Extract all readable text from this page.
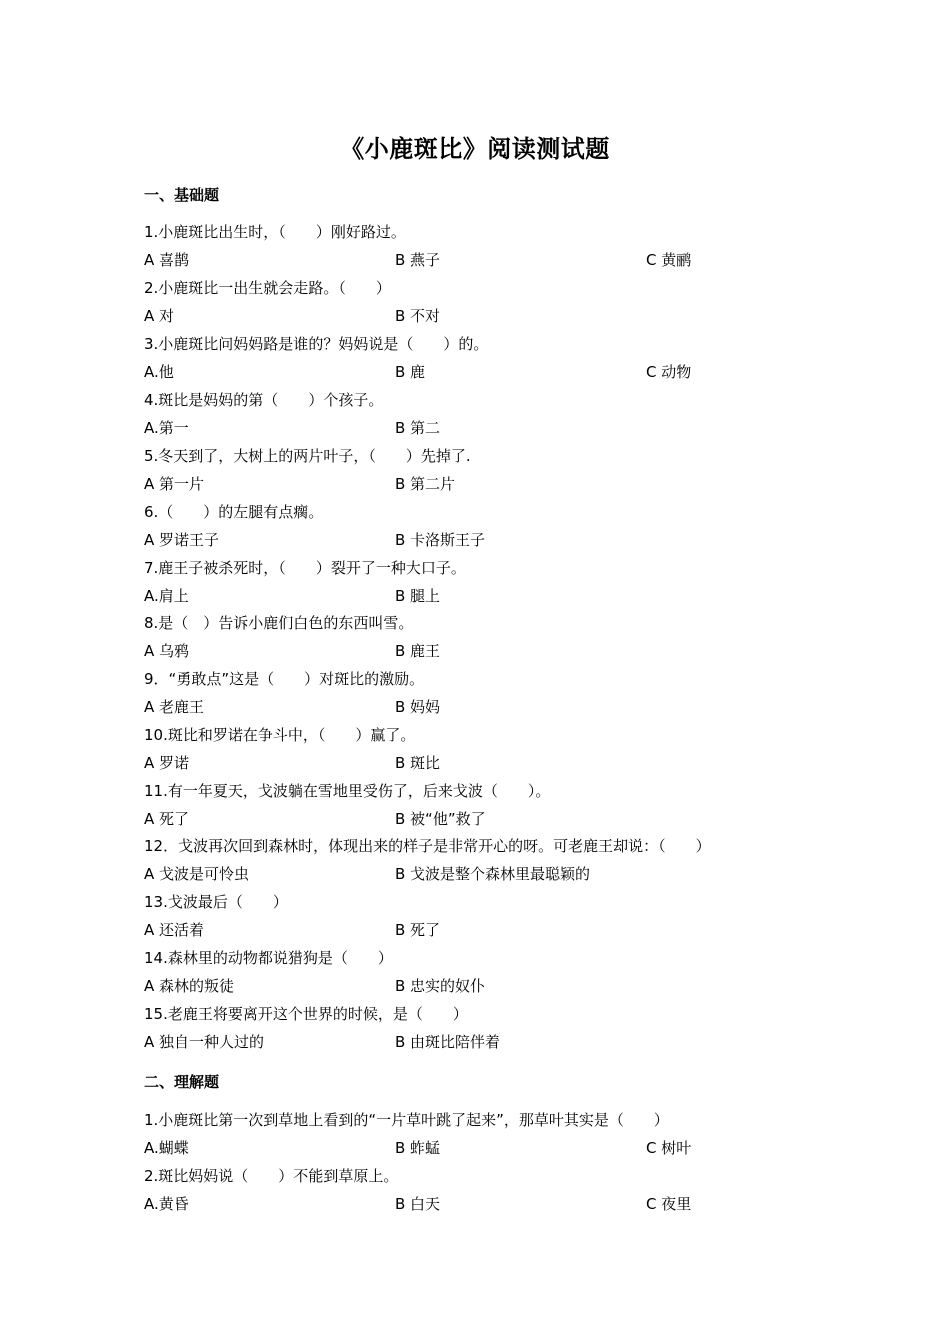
《小鹿斑比》阅读测试题
一、基础题
1.小鹿斑比出生时，（　　）刚好路过。
A 喜鹊	B 燕子	C 黄鹂
2.小鹿斑比一出生就会走路。（　　）
A 对	B 不对
3.小鹿斑比问妈妈路是谁的？妈妈说是（　　）的。
A.他	B 鹿	C 动物
4.斑比是妈妈的第（　　）个孩子。
A.第一	B 第二
5.冬天到了，大树上的两片叶子，（　　）先掉了.
A 第一片	B 第二片
6.（　　）的左腿有点瘸。
A 罗诺王子	B 卡洛斯王子
7.鹿王子被杀死时，（　　）裂开了一种大口子。
A.肩上	B 腿上
8.是（　）告诉小鹿们白色的东西叫雪。
A 乌鸦	B 鹿王
9．“勇敢点”这是（　　）对斑比的激励。
A 老鹿王	B 妈妈
10.斑比和罗诺在争斗中，（　　）赢了。
A 罗诺	B 斑比
11.有一年夏天，戈波躺在雪地里受伤了，后来戈波（　　）。
A 死了	B 被“他”救了
12．戈波再次回到森林时，体现出来的样子是非常开心的呀。可老鹿王却说：（　　）
A 戈波是可怜虫	B 戈波是整个森林里最聪颖的
13.戈波最后（　　）
A 还活着	B 死了
14.森林里的动物都说猎狗是（　　）
A 森林的叛徒	B 忠实的奴仆
15.老鹿王将要离开这个世界的时候，是（　　）
A 独自一种人过的	B 由斑比陪伴着
二、理解题
1.小鹿斑比第一次到草地上看到的“一片草叶跳了起来”，那草叶其实是（　　）
A.蝴蝶	B 蚱蜢	C 树叶
2.斑比妈妈说（　　）不能到草原上。
A.黄昏	B 白天	C 夜里
